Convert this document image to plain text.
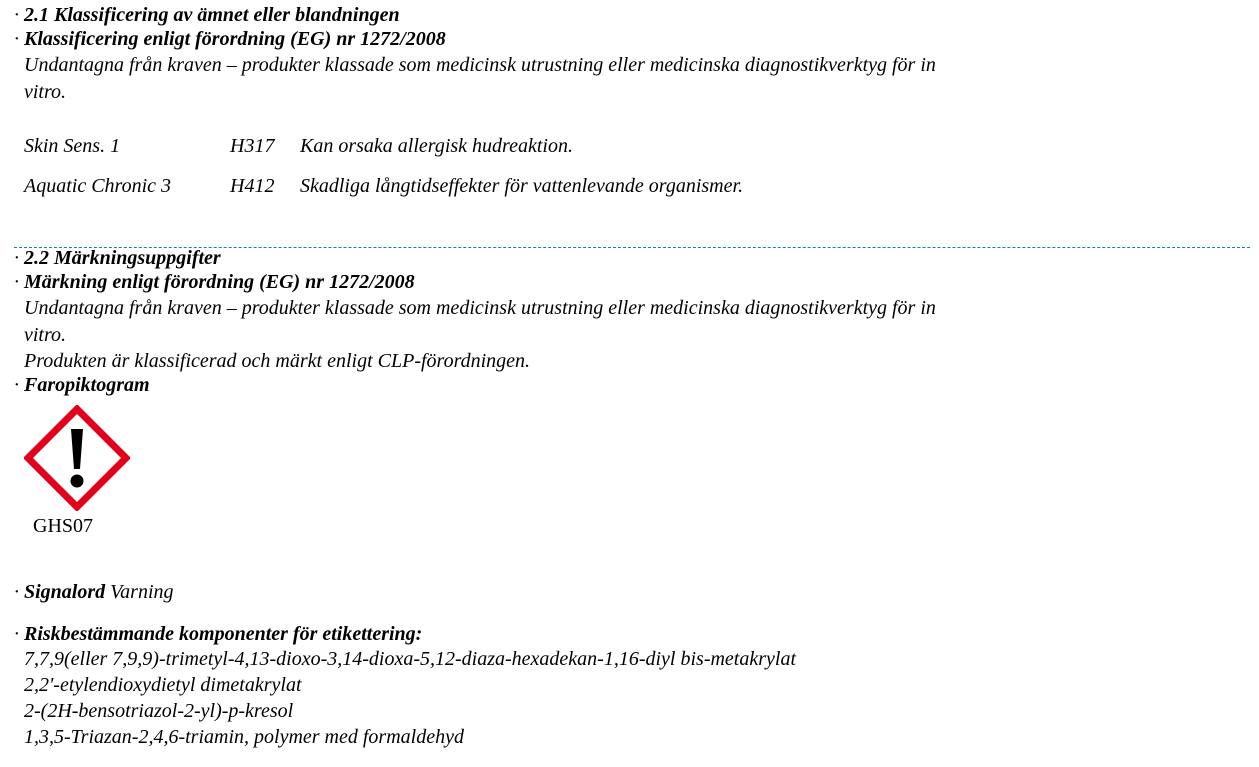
· 2.1 Klassificering av ämnet eller blandningen
· Klassificering enligt förordning (EG) nr 1272/2008
Undantagna från kraven – produkter klassade som medicinsk utrustning eller medicinska diagnostikverktyg för in
vitro.
Skin Sens. 1	H317 Kan orsaka allergisk hudreaktion.
Aquatic Chronic 3	H412 Skadliga långtidseffekter för vattenlevande organismer.
· 2.2 Märkningsuppgifter
· Märkning enligt förordning (EG) nr 1272/2008
Undantagna från kraven – produkter klassade som medicinsk utrustning eller medicinska diagnostikverktyg för in
vitro.
Produkten är klassificerad och märkt enligt CLP-förordningen.
· Faropiktogram
GHS07
· Signalord Varning
· Riskbestämmande komponenter för etikettering:
7,7,9(eller 7,9,9)-trimetyl-4,13-dioxo-3,14-dioxa-5,12-diaza-hexadekan-1,16-diyl bis-metakrylat
2,2'-etylendioxydietyl dimetakrylat
2-(2H-bensotriazol-2-yl)-p-kresol
1,3,5-Triazan-2,4,6-triamin, polymer med formaldehyd
